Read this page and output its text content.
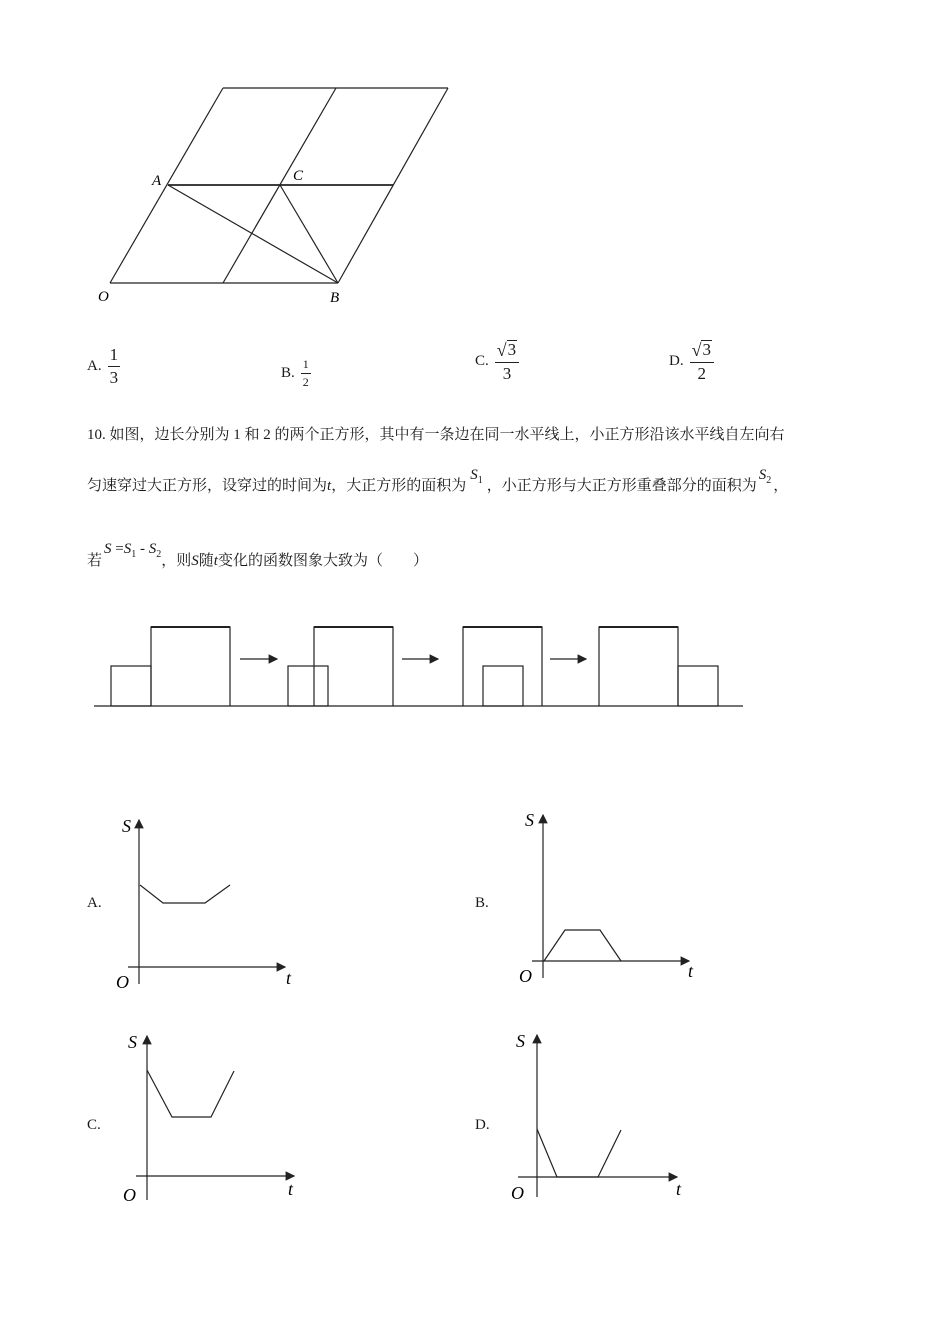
A	C
O	B
A. $\frac{1}{3}$	B. $\frac{1}{2}$	C. $\frac{√ 3}{3}$	D. $\frac{√ 3}{2}$
10. 如图，边长分别为 1 和 2 的两个正方形，其中有一条边在同一水平线上，小正方形沿该水平线自左向右
匀速穿过大正方形，设穿过的时间为 t ，大正方形的面积为
$S_1$ ，小正方形与大正方形重叠部分的面积为
$S_2$ ，
若
$S =S_1 - S_2$ ，则 S 随 t 变化的函数图象大致为（　　）
A.
S
t
O
B.
S
t
O
C.
S
t
O
D.
S
t
O
